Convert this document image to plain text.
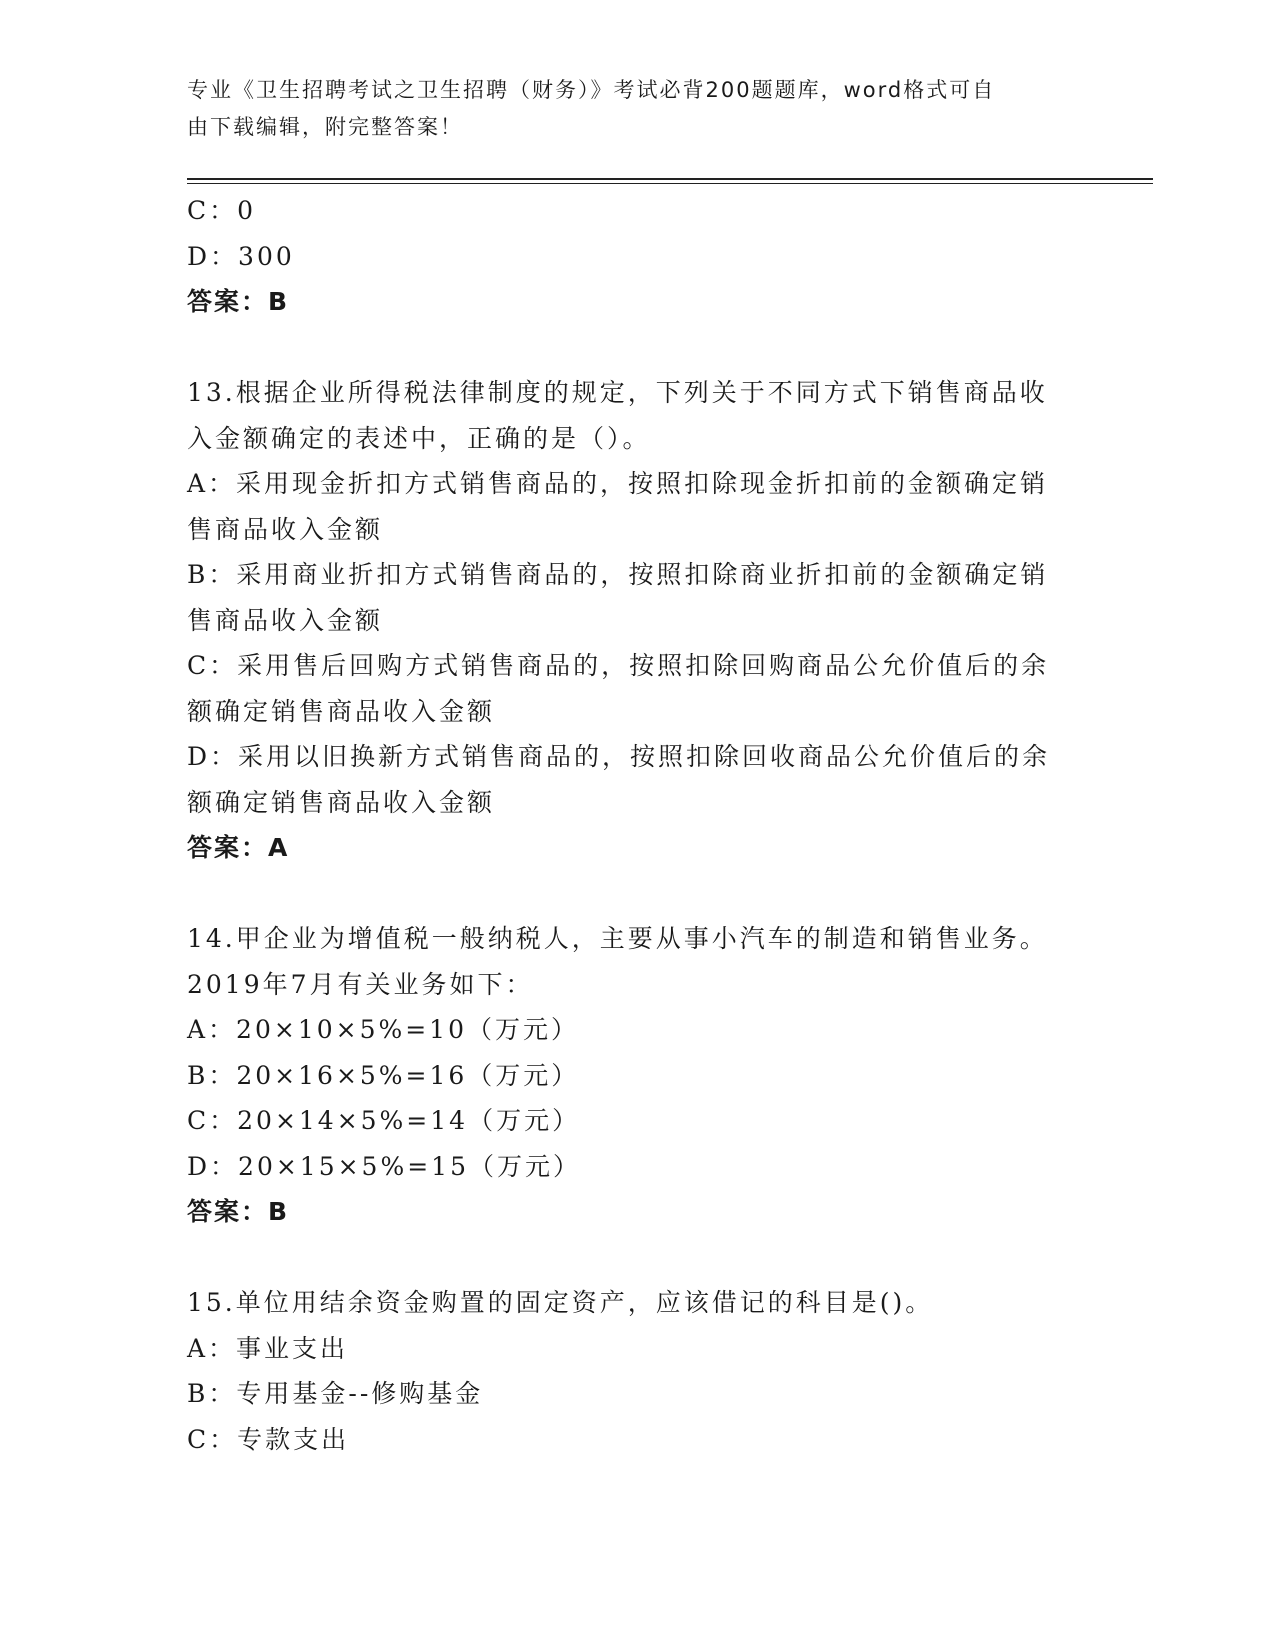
专业《卫生招聘考试之卫生招聘（财务）》考试必背200题题库，word格式可自
由下载编辑，附完整答案！
C：0
D：300
答案：B
13.根据企业所得税法律制度的规定，下列关于不同方式下销售商品收
入金额确定的表述中，正确的是（）。
A：采用现金折扣方式销售商品的，按照扣除现金折扣前的金额确定销
售商品收入金额
B：采用商业折扣方式销售商品的，按照扣除商业折扣前的金额确定销
售商品收入金额
C：采用售后回购方式销售商品的，按照扣除回购商品公允价值后的余
额确定销售商品收入金额
D：采用以旧换新方式销售商品的，按照扣除回收商品公允价值后的余
额确定销售商品收入金额
答案：A
14.甲企业为增值税一般纳税人，主要从事小汽车的制造和销售业务。
2019年7月有关业务如下：
A：20×10×5%=10（万元）
B：20×16×5%=16（万元）
C：20×14×5%=14（万元）
D：20×15×5%=15（万元）
答案：B
15.单位用结余资金购置的固定资产，应该借记的科目是()。
A：事业支出
B：专用基金--修购基金
C：专款支出
